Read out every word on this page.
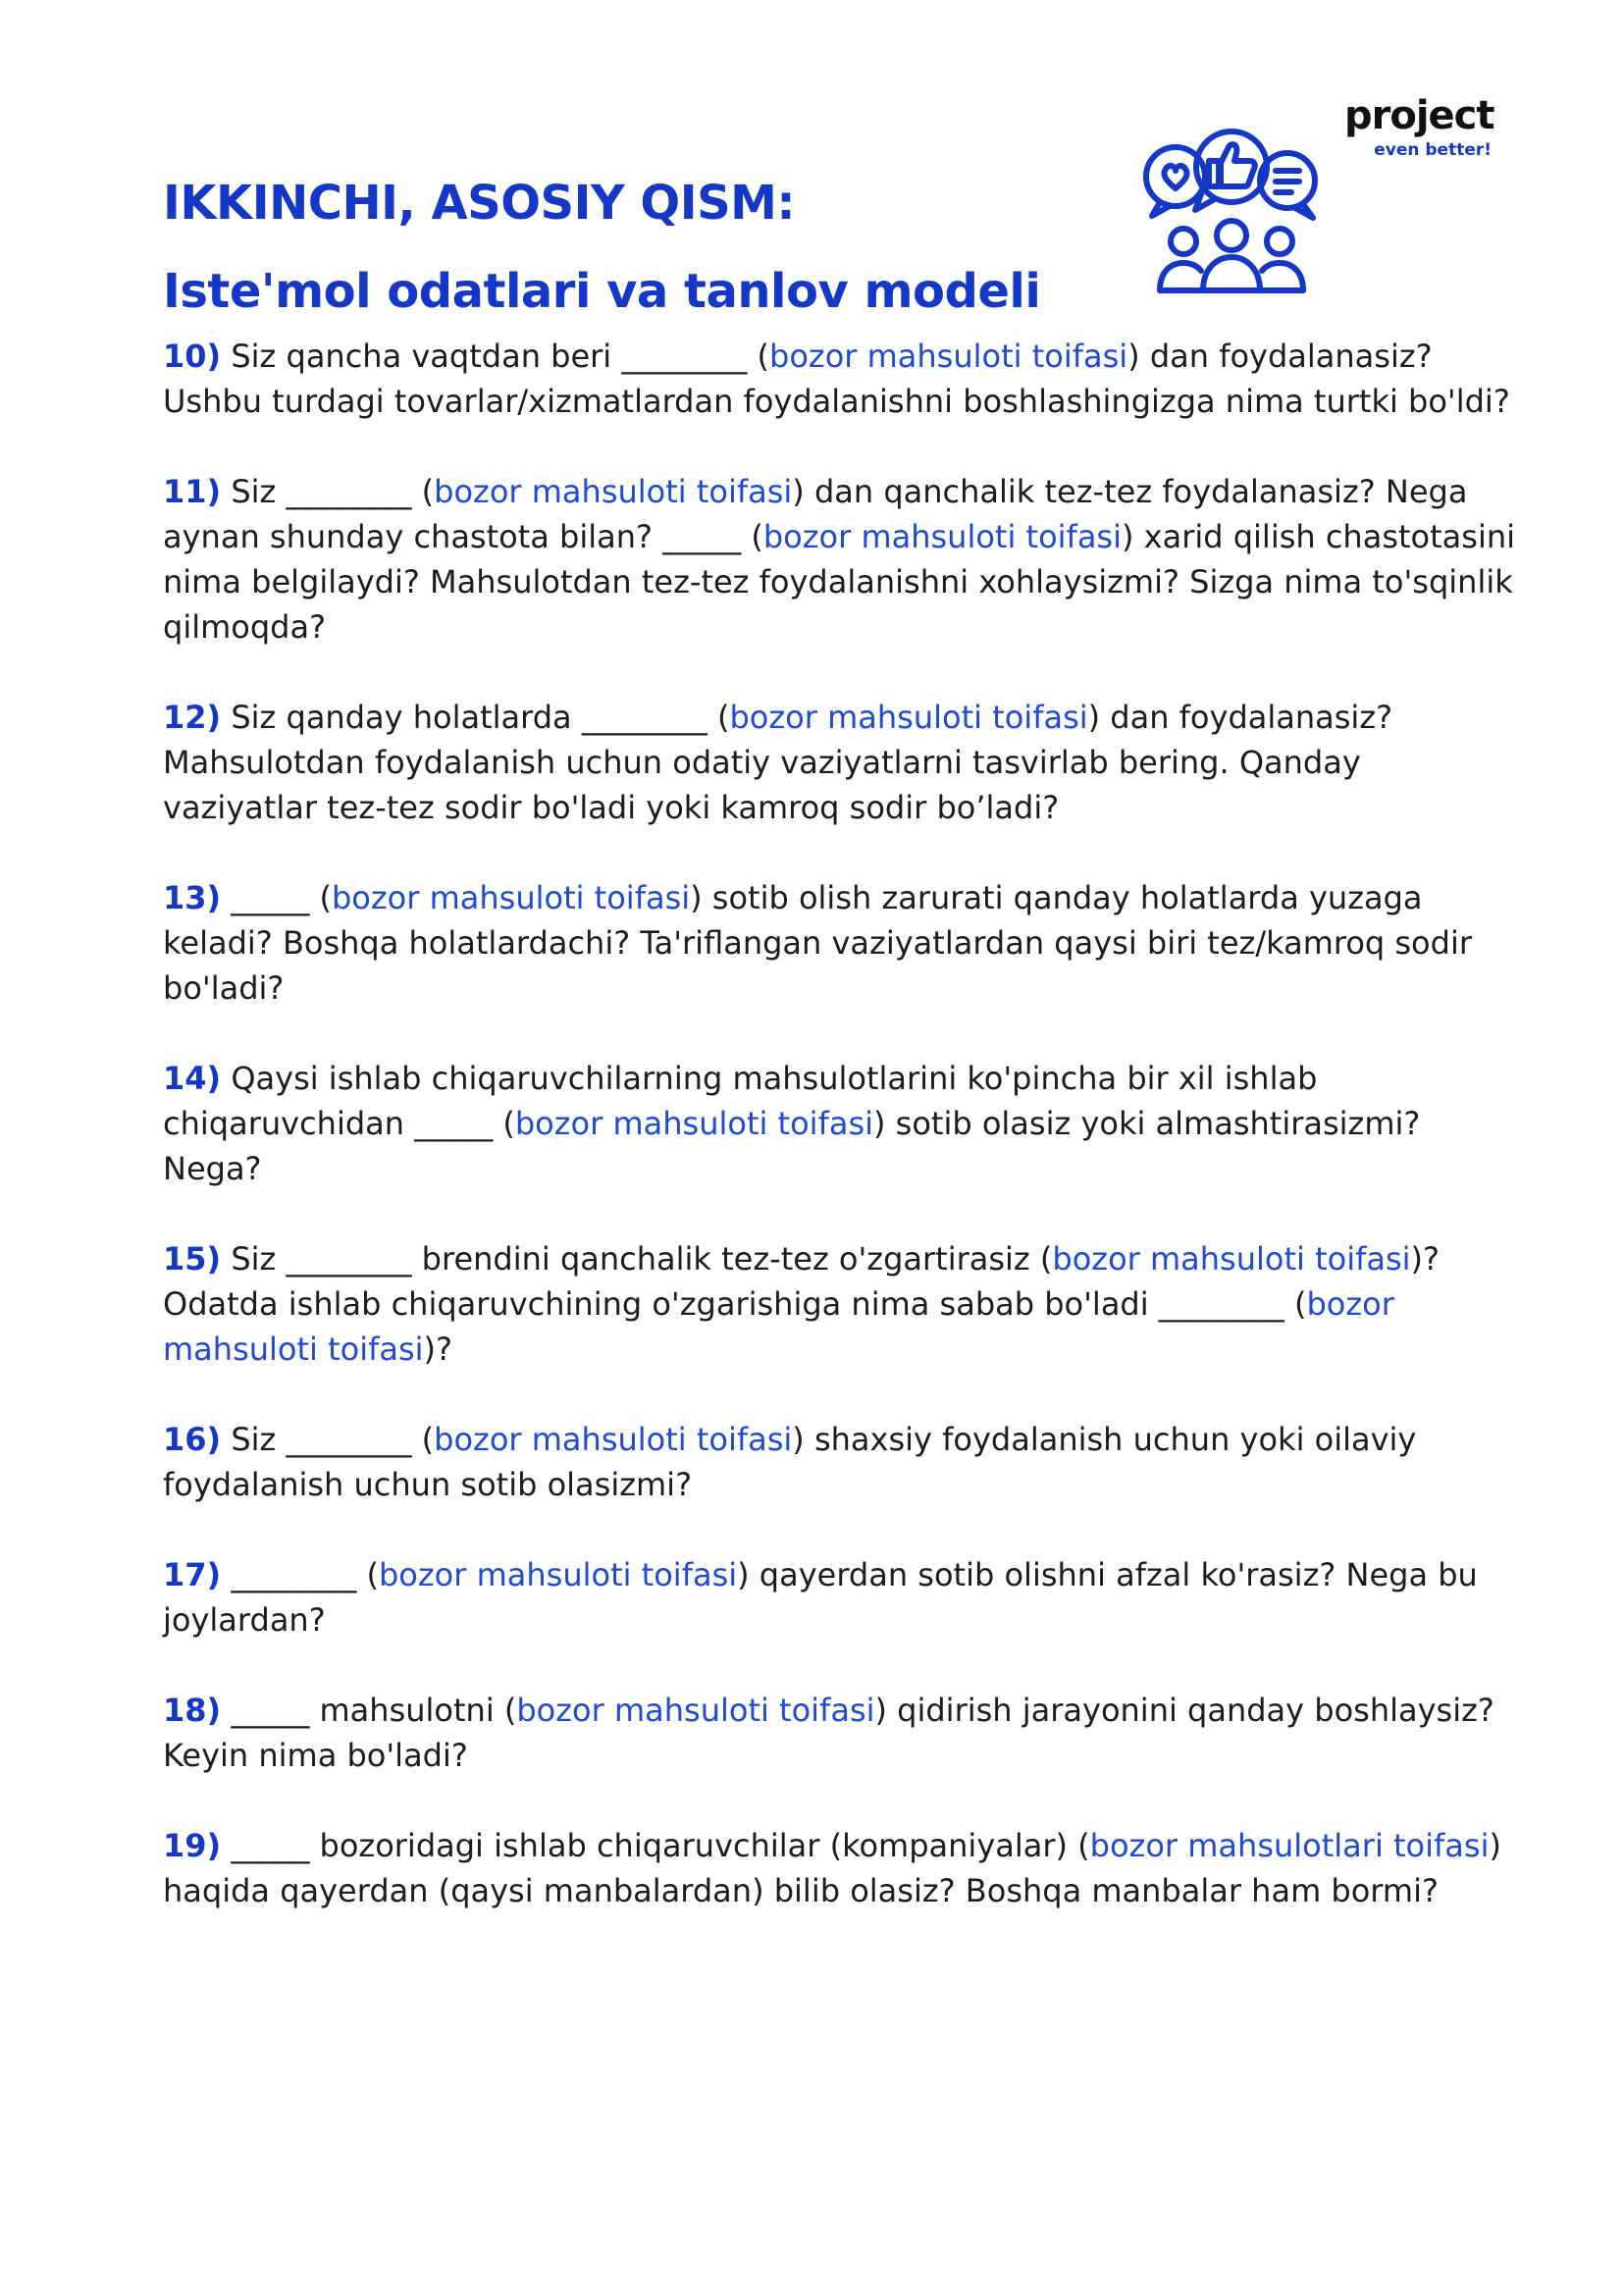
project
even better!
IKKINCHI, ASOSIY QISM:
Iste'mol odatlari va tanlov modeli

10) Siz qancha vaqtdan beri ________ (bozor mahsuloti toifasi) dan foydalanasiz? Ushbu turdagi tovarlar/xizmatlardan foydalanishni boshlashingizga nima turtki bo'ldi?

11) Siz ________ (bozor mahsuloti toifasi) dan qanchalik tez-tez foydalanasiz? Nega aynan shunday chastota bilan? _____ (bozor mahsuloti toifasi) xarid qilish chastotasini nima belgilaydi? Mahsulotdan tez-tez foydalanishni xohlaysizmi? Sizga nima to'sqinlik qilmoqda?

12) Siz qanday holatlarda ________ (bozor mahsuloti toifasi) dan foydalanasiz? Mahsulotdan foydalanish uchun odatiy vaziyatlarni tasvirlab bering. Qanday vaziyatlar tez-tez sodir bo'ladi yoki kamroq sodir bo’ladi?

13) _____ (bozor mahsuloti toifasi) sotib olish zarurati qanday holatlarda yuzaga keladi? Boshqa holatlardachi? Ta'riflangan vaziyatlardan qaysi biri tez/kamroq sodir bo'ladi?

14) Qaysi ishlab chiqaruvchilarning mahsulotlarini ko'pincha bir xil ishlab chiqaruvchidan _____ (bozor mahsuloti toifasi) sotib olasiz yoki almashtirasizmi? Nega?

15) Siz ________ brendini qanchalik tez-tez o'zgartirasiz (bozor mahsuloti toifasi)? Odatda ishlab chiqaruvchining o'zgarishiga nima sabab bo'ladi ________ (bozor mahsuloti toifasi)?

16) Siz ________ (bozor mahsuloti toifasi) shaxsiy foydalanish uchun yoki oilaviy foydalanish uchun sotib olasizmi?

17) ________ (bozor mahsuloti toifasi) qayerdan sotib olishni afzal ko'rasiz? Nega bu joylardan?

18) _____ mahsulotni (bozor mahsuloti toifasi) qidirish jarayonini qanday boshlaysiz? Keyin nima bo'ladi?

19) _____ bozoridagi ishlab chiqaruvchilar (kompaniyalar) (bozor mahsulotlari toifasi) haqida qayerdan (qaysi manbalardan) bilib olasiz? Boshqa manbalar ham bormi?
